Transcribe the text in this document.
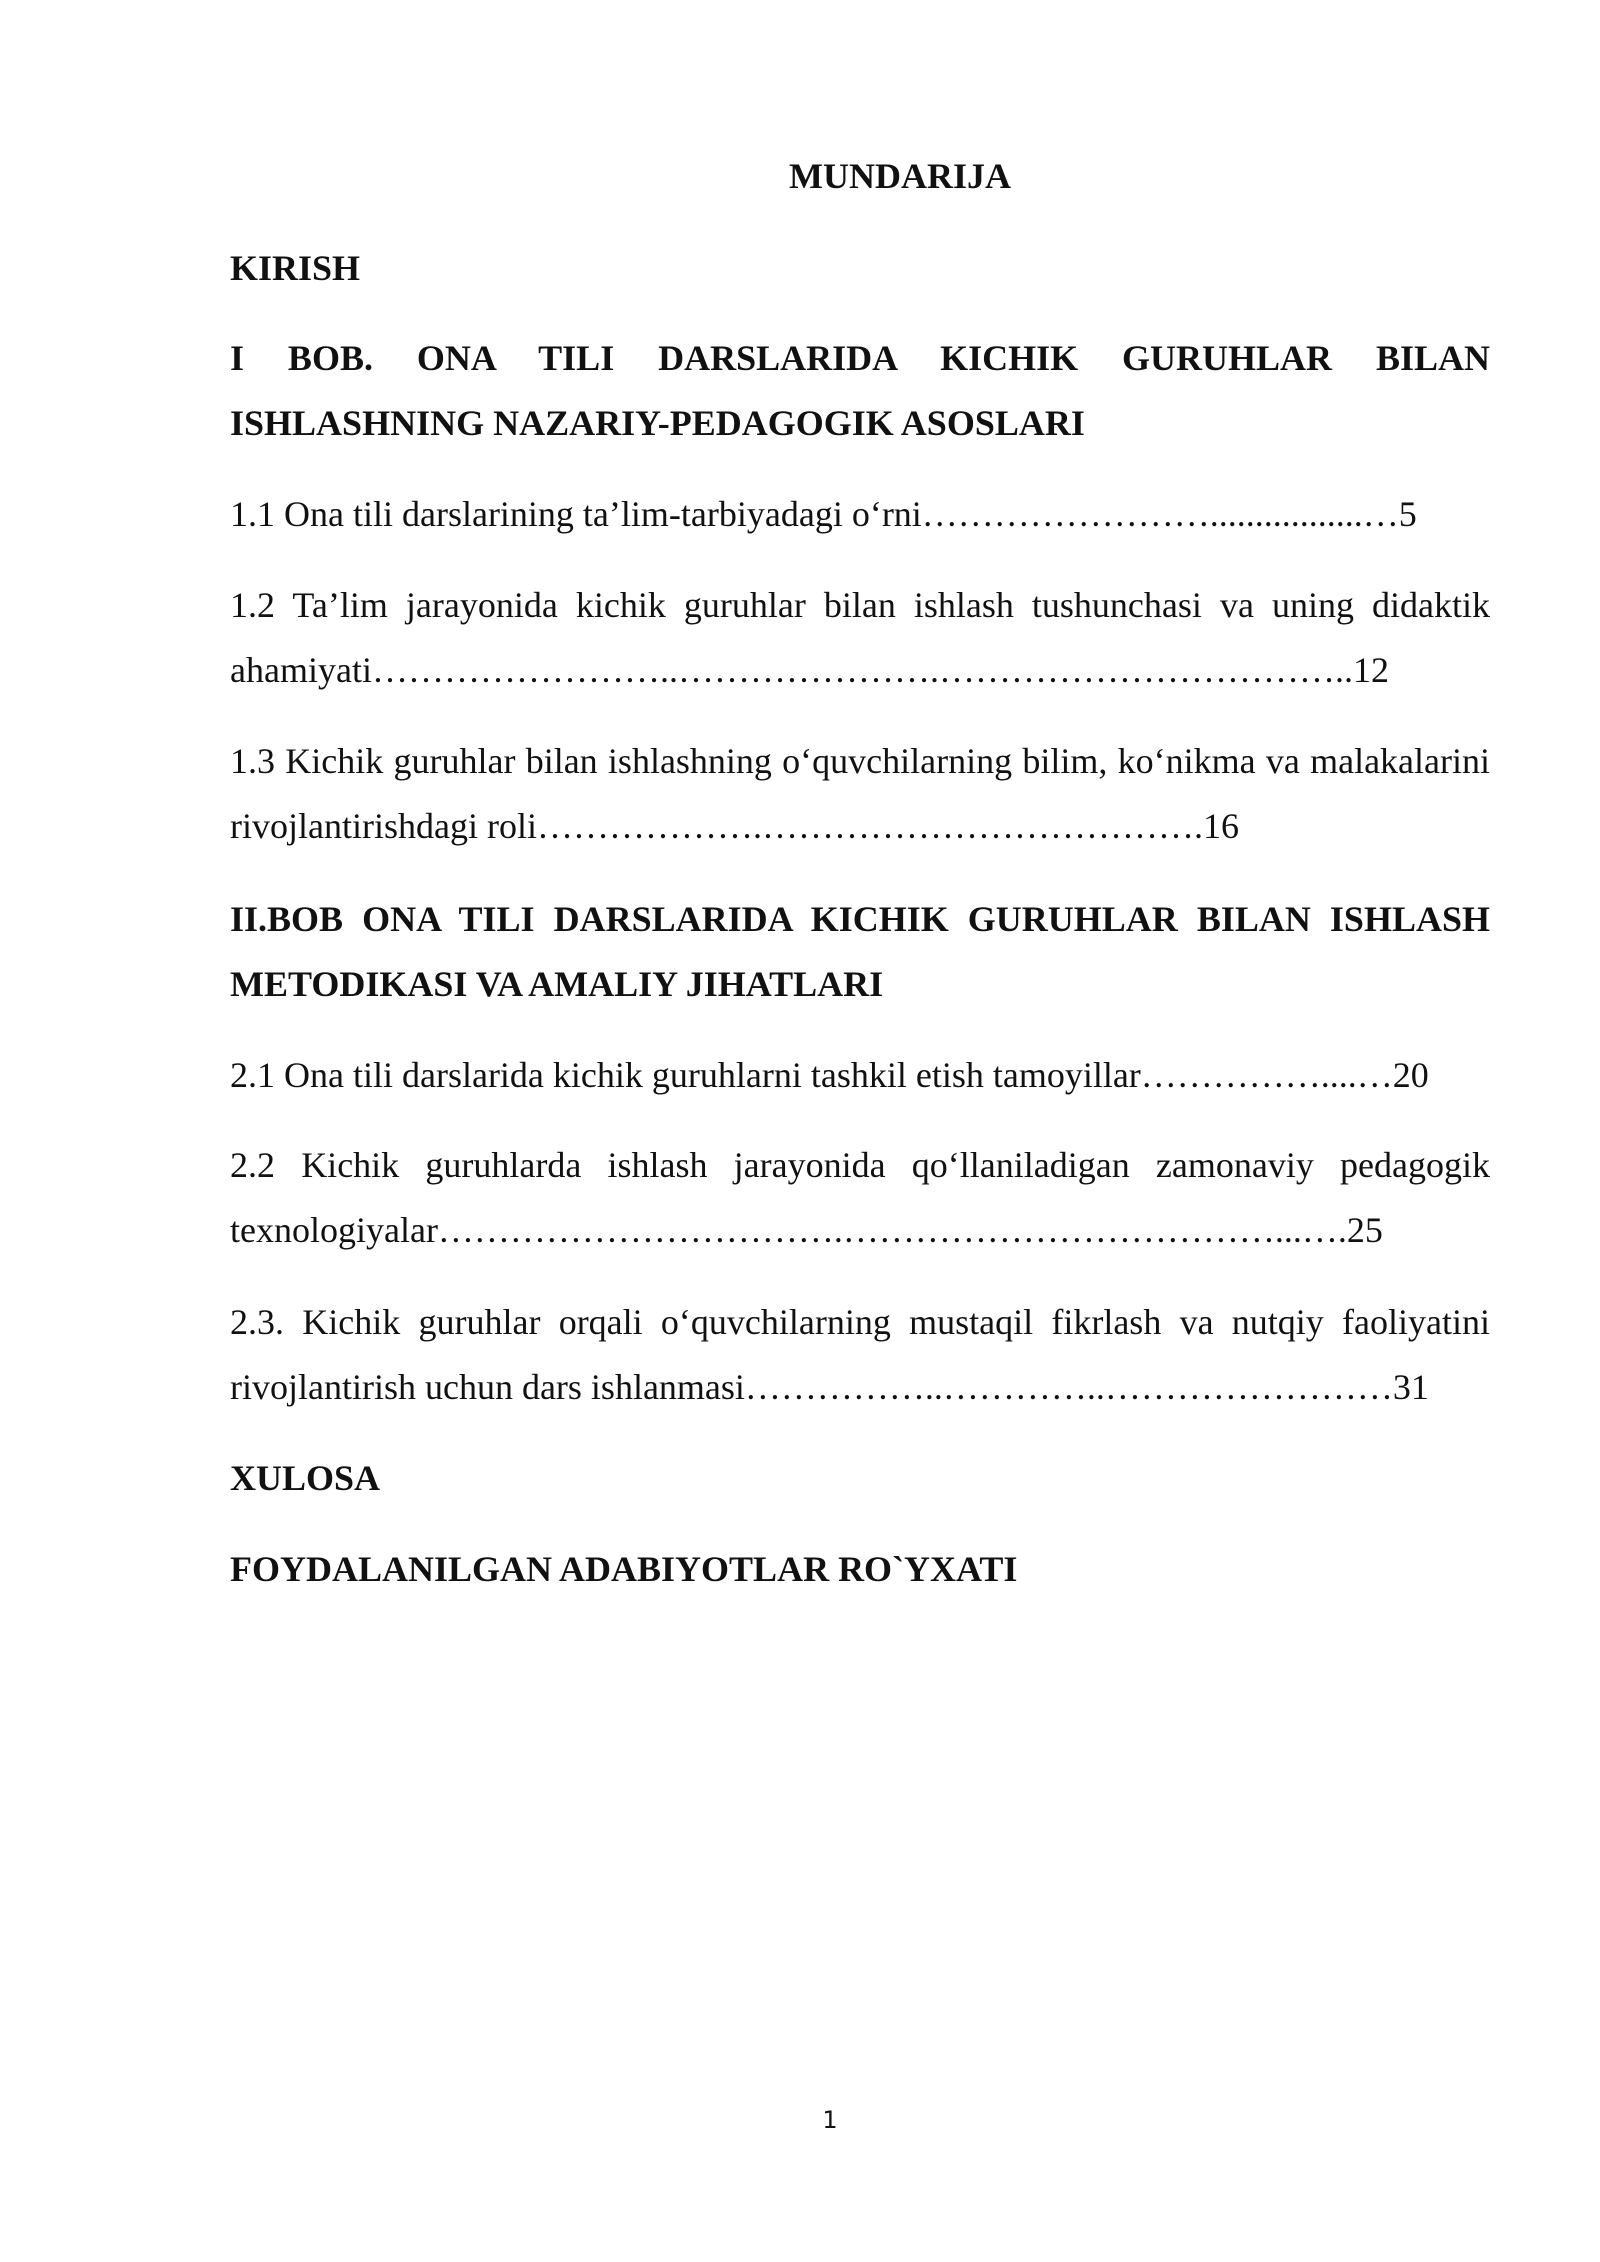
MUNDARIJA
KIRISH
I BOB. ONA TILI DARSLARIDA KICHIK GURUHLAR BILAN ISHLASHNING NAZARIY-PEDAGOGIK ASOSLARI
1.1 Ona tili darslarining ta’lim-tarbiyadagi o‘rni…………………….................…5
1.2 Ta’lim jarayonida kichik guruhlar bilan ishlash tushunchasi va uning didaktik ahamiyati……………………..………………….……………………………..12
1.3 Kichik guruhlar bilan ishlashning o‘quvchilarning bilim, ko‘nikma va malakalarini rivojlantirishdagi roli……………….……………………………….16
II.BOB ONA TILI DARSLARIDA KICHIK GURUHLAR BILAN ISHLASH METODIKASI VA AMALIY JIHATLARI
2.1 Ona tili darslarida kichik guruhlarni tashkil etish tamoyillar……………....…20
2.2 Kichik guruhlarda ishlash jarayonida qo‘llaniladigan zamonaviy pedagogik texnologiyalar…………………………….………………………………...….25
2.3. Kichik guruhlar orqali o‘quvchilarning mustaqil fikrlash va nutqiy faoliyatini rivojlantirish uchun dars ishlanmasi……………..…………..……………………31
XULOSA
FOYDALANILGAN ADABIYOTLAR RO`YXATI
1
